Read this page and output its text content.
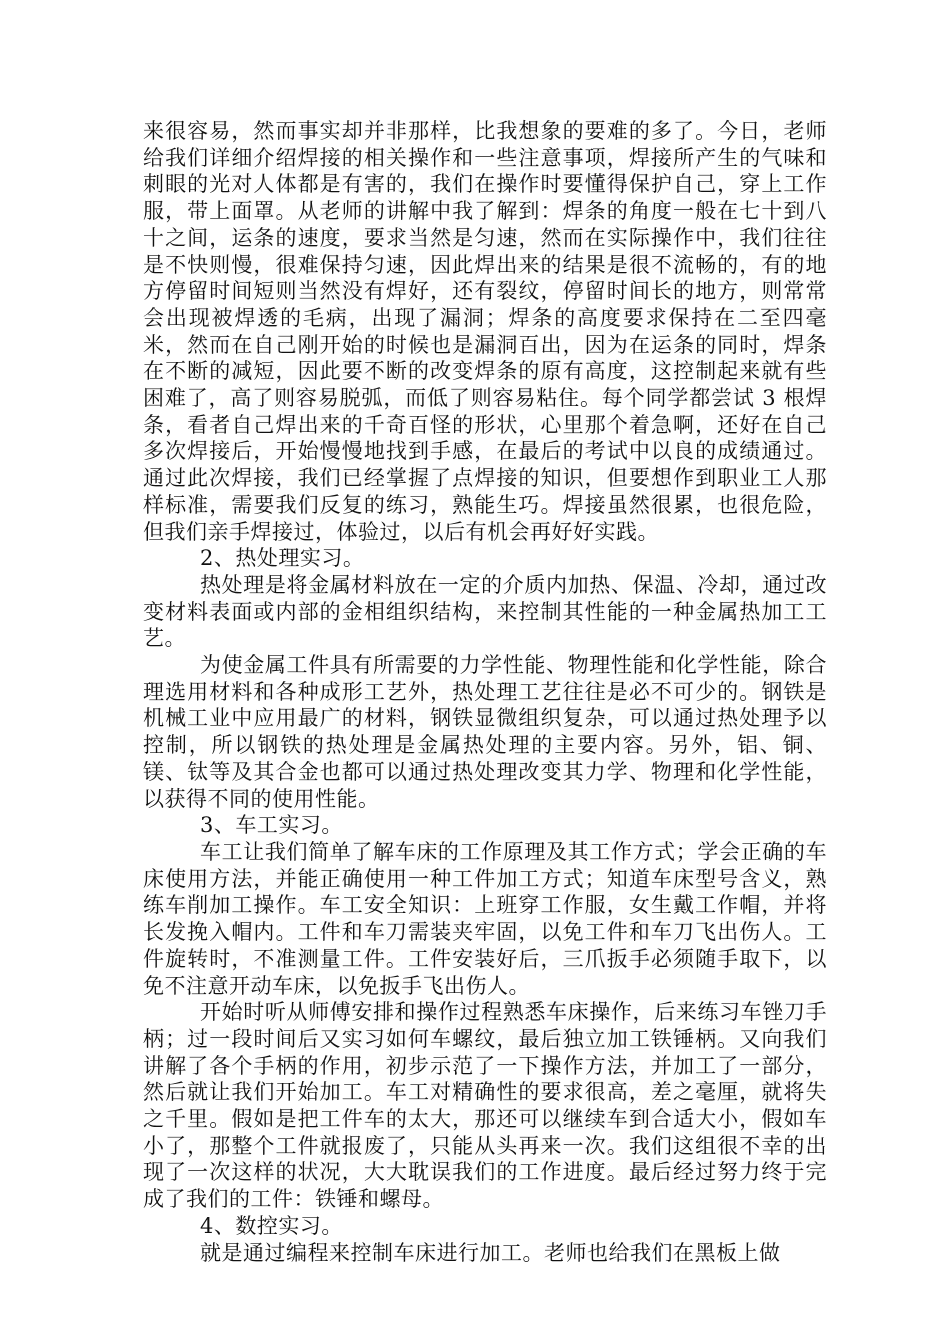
来很容易，然而事实却并非那样，比我想象的要难的多了。今日，老师给我们详细介绍焊接的相关操作和一些注意事项，焊接所产生的气味和刺眼的光对人体都是有害的，我们在操作时要懂得保护自己，穿上工作服，带上面罩。从老师的讲解中我了解到：焊条的角度一般在七十到八十之间，运条的速度，要求当然是匀速，然而在实际操作中，我们往往是不快则慢，很难保持匀速，因此焊出来的结果是很不流畅的，有的地方停留时间短则当然没有焊好，还有裂纹，停留时间长的地方，则常常会出现被焊透的毛病，出现了漏洞；焊条的高度要求保持在二至四毫米，然而在自己刚开始的时候也是漏洞百出，因为在运条的同时，焊条在不断的减短，因此要不断的改变焊条的原有高度，这控制起来就有些困难了，高了则容易脱弧，而低了则容易粘住。每个同学都尝试 3 根焊条，看者自己焊出来的千奇百怪的形状，心里那个着急啊，还好在自己多次焊接后，开始慢慢地找到手感，在最后的考试中以良的成绩通过。通过此次焊接，我们已经掌握了点焊接的知识，但要想作到职业工人那样标准，需要我们反复的练习，熟能生巧。焊接虽然很累，也很危险，但我们亲手焊接过，体验过，以后有机会再好好实践。

2、热处理实习。

热处理是将金属材料放在一定的介质内加热、保温、冷却，通过改变材料表面或内部的金相组织结构，来控制其性能的一种金属热加工工艺。

为使金属工件具有所需要的力学性能、物理性能和化学性能，除合理选用材料和各种成形工艺外，热处理工艺往往是必不可少的。钢铁是机械工业中应用最广的材料，钢铁显微组织复杂，可以通过热处理予以控制，所以钢铁的热处理是金属热处理的主要内容。另外，铝、铜、镁、钛等及其合金也都可以通过热处理改变其力学、物理和化学性能，以获得不同的使用性能。

3、车工实习。

车工让我们简单了解车床的工作原理及其工作方式；学会正确的车床使用方法，并能正确使用一种工件加工方式；知道车床型号含义，熟练车削加工操作。车工安全知识：上班穿工作服，女生戴工作帽，并将长发挽入帽内。工件和车刀需装夹牢固，以免工件和车刀飞出伤人。工件旋转时，不准测量工件。工件安装好后，三爪扳手必须随手取下，以免不注意开动车床，以免扳手飞出伤人。

开始时听从师傅安排和操作过程熟悉车床操作，后来练习车锉刀手柄；过一段时间后又实习如何车螺纹，最后独立加工铁锤柄。又向我们讲解了各个手柄的作用，初步示范了一下操作方法，并加工了一部分，然后就让我们开始加工。车工对精确性的要求很高，差之毫厘，就将失之千里。假如是把工件车的太大，那还可以继续车到合适大小，假如车小了，那整个工件就报废了，只能从头再来一次。我们这组很不幸的出现了一次这样的状况，大大耽误我们的工作进度。最后经过努力终于完成了我们的工件：铁锤和螺母。

4、数控实习。

就是通过编程来控制车床进行加工。老师也给我们在黑板上做
